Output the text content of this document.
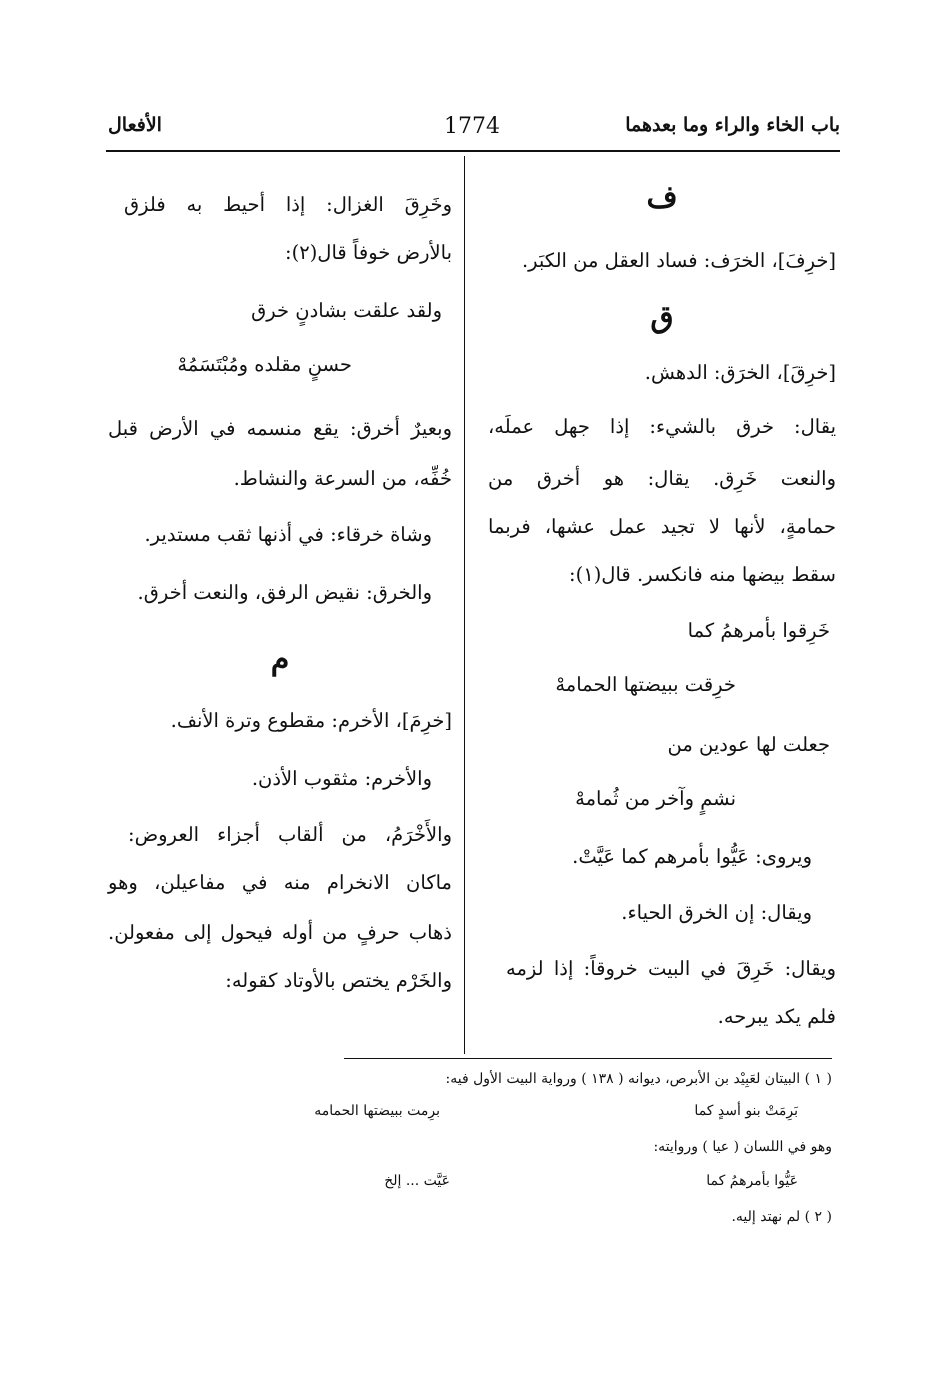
باب الخاء والراء وما بعدهما
1774
الأفعال
ف
[خرِفَ]، الخرَف: فساد العقل من الكبَر.
ق
[خرِقَ]، الخرَق: الدهش.
يقال: خرق بالشيء: إذا جهل عملَه،
والنعت خَرِق. يقال: هو أخرق من
حمامةٍ، لأنها لا تجيد عمل عشها، فربما
سقط بيضها منه فانكسر. قال(١):
خَرِقوا بأمرهمُ كما
خرِقت ببيضتها الحمامهْ
جعلت لها عودين من
نشمٍ وآخر من ثُمامهْ
ويروى: عَيُّوا بأمرهم كما عَيَّتْ.
ويقال: إن الخرق الحياء.
ويقال: خَرِقَ في البيت خروقاً: إذا لزمه
فلم يكد يبرحه.
وخَرِقَ الغزال: إذا أحيط به فلزق
بالأرض خوفاً قال(٢):
ولقد علقت بشادنٍ خرق
حسنٍ مقلده ومُبْتَسَمُهْ
وبعيرٌ أخرق: يقع منسمه في الأرض قبل
خُفِّه، من السرعة والنشاط.
وشاة خرقاء: في أذنها ثقب مستدير.
والخرق: نقيض الرفق، والنعت أخرق.
م
[خرِمَ]، الأخرم: مقطوع وترة الأنف.
والأخرم: مثقوب الأذن.
والأَخْرَمُ، من ألقاب أجزاء العروض:
ماكان الانخرام منه في مفاعيلن، وهو
ذهاب حرفٍ من أوله فيحول إلى مفعولن.
والخَرْم يختص بالأوتاد كقوله:
( ١ ) البيتان لعَبِيْد بن الأبرص، ديوانه ( ١٣٨ ) ورواية البيت الأول فيه:
بَرِمَتْ بنو أسدٍ كما
برِمت ببيضتها الحمامه
وهو في اللسان ( عيا ) وروايته:
عَيُّوا بأمرهمُ كما
عَيَّت ... إلخ
( ٢ ) لم نهتد إليه.
